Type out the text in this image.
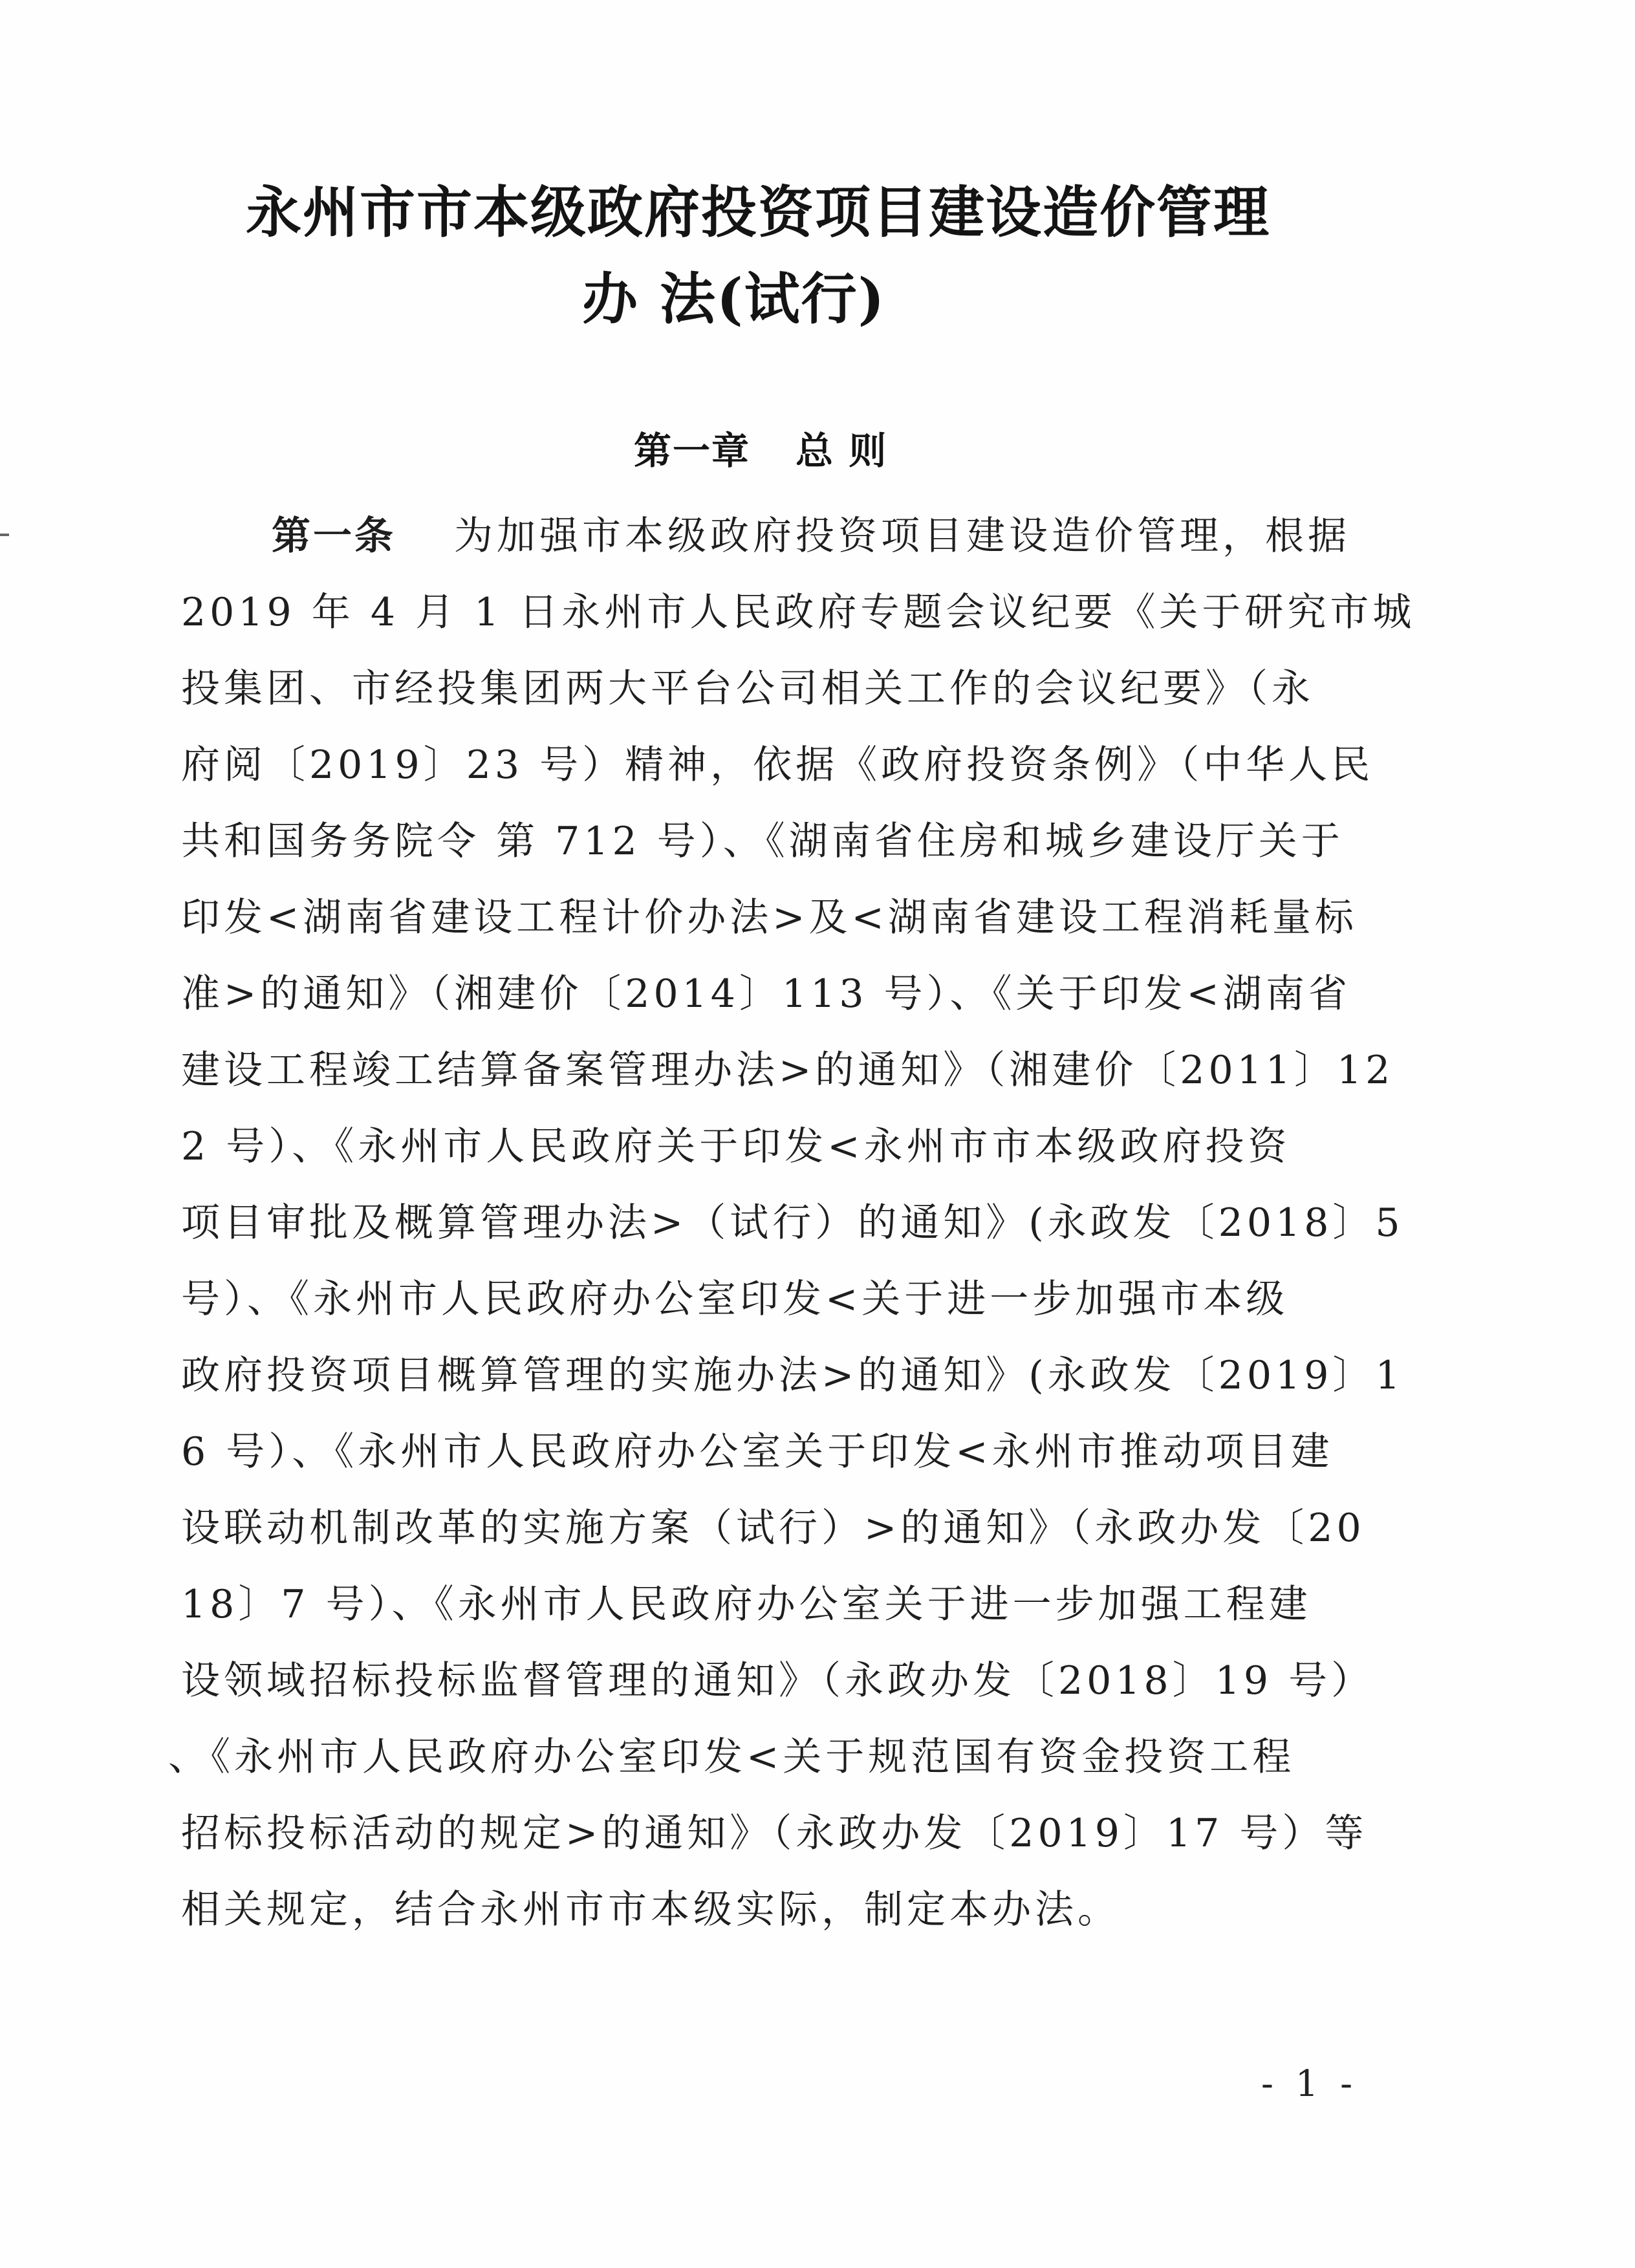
永州市市本级政府投资项目建设造价管理
办 法(试行)
第一章 总 则
第一条 为加强市本级政府投资项目建设造价管理，根据
2019 年 4 月 1 日永州市人民政府专题会议纪要《关于研究市城
投集团、市经投集团两大平台公司相关工作的会议纪要》（永
府阅〔2019〕23 号）精神，依据《政府投资条例》（中华人民
共和国务务院令 第 712 号）、《湖南省住房和城乡建设厅关于
印发<湖南省建设工程计价办法>及<湖南省建设工程消耗量标
准>的通知》（湘建价〔2014〕113 号）、《关于印发<湖南省
建设工程竣工结算备案管理办法>的通知》（湘建价〔2011〕12
2 号）、《永州市人民政府关于印发<永州市市本级政府投资
项目审批及概算管理办法>（试行）的通知》(永政发〔2018〕5
号）、《永州市人民政府办公室印发<关于进一步加强市本级
政府投资项目概算管理的实施办法>的通知》(永政发〔2019〕1
6 号）、《永州市人民政府办公室关于印发<永州市推动项目建
设联动机制改革的实施方案（试行）>的通知》（永政办发〔20
18〕7 号）、《永州市人民政府办公室关于进一步加强工程建
设领域招标投标监督管理的通知》（永政办发〔2018〕19 号）
、《永州市人民政府办公室印发<关于规范国有资金投资工程
招标投标活动的规定>的通知》（永政办发〔2019〕17 号）等
相关规定，结合永州市市本级实际，制定本办法。
- 1 -
